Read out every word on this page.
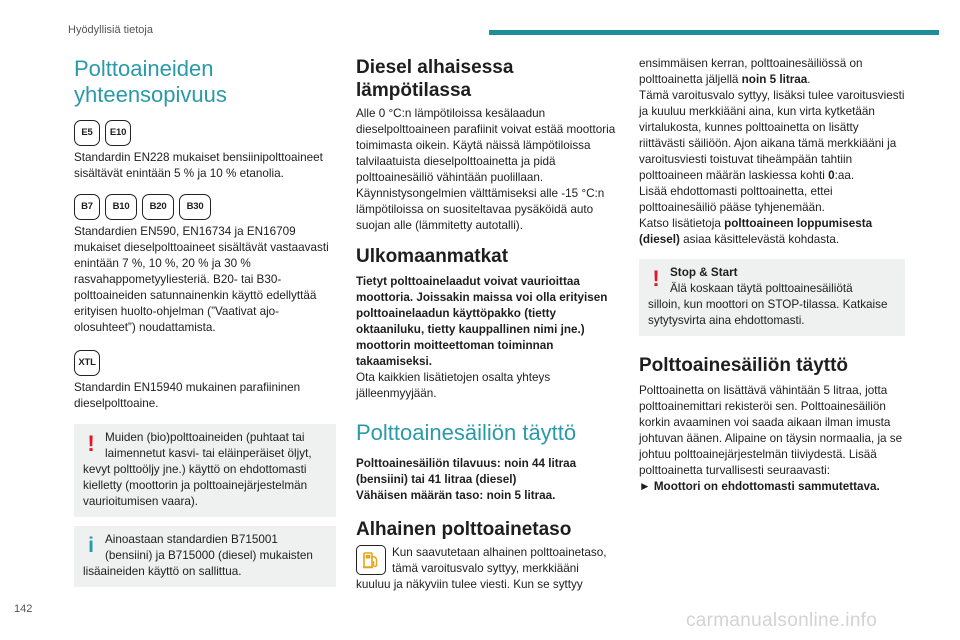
Hyödyllisiä tietoja
Polttoaineiden
yhteensopivuus
E5	E10

Standardin EN228 mukaiset bensiinipolttoaineet sisältävät enintään 5 % ja 10 % etanolia.

B7	B10	B20	B30

Standardien EN590, EN16734 ja EN16709 mukaiset dieselpolttoaineet sisältävät vastaavasti enintään 7 %, 10 %, 20 % ja 30 % rasvahappometyyliesteriä. B20- tai B30-polttoaineiden satunnainenkin käyttö edellyttää erityisen huolto-ohjelman (”Vaativat ajo-olosuhteet”) noudattamista.

XTL

Standardin EN15940 mukainen parafiininen dieselpolttoaine.

! Muiden (bio)polttoaineiden (puhtaat tai
laimennetut kasvi- tai eläinperäiset öljyt,
kevyt polttoöljy jne.) käyttö on ehdottomasti kielletty (moottorin ja polttoainejärjestelmän vaurioitumisen vaara).
i Ainoastaan standardien B715001
(bensiini) ja B715000 (diesel) mukaisten
lisäaineiden käyttö on sallittua.
Diesel alhaisessa
lämpötilassa

Alle 0 °C:n lämpötiloissa kesälaadun dieselpolttoaineen parafiinit voivat estää moottoria toimimasta oikein. Käytä näissä lämpötiloissa talvilaatuista dieselpolttoainetta ja pidä polttoainesäiliö vähintään puolillaan. Käynnistysongelmien välttämiseksi alle -15 °C:n lämpötiloissa on suositeltavaa pysäköidä auto suojan alle (lämmitetty autotalli).

Ulkomaanmatkat

Tietyt polttoainelaadut voivat vaurioittaa moottoria. Joissakin maissa voi olla erityisen polttoainelaadun käyttöpakko (tietty oktaaniluku, tietty kauppallinen nimi jne.) moottorin moitteettoman toiminnan takaamiseksi.

Ota kaikkien lisätietojen osalta yhteys jälleenmyyjään.

Polttoainesäiliön täyttö

Polttoainesäiliön tilavuus: noin 44 litraa
(bensiini) tai 41 litraa (diesel)
Vähäisen määrän taso: noin 5 litraa.

Alhainen polttoainetaso
Kun saavutetaan alhainen polttoainetaso,
tämä varoitusvalo syttyy, merkkiääni
kuuluu ja näkyviin tulee viesti. Kun se syttyy

ensimmäisen kerran, polttoainesäiliössä on polttoainetta jäljellä noin 5 litraa.

Tämä varoitusvalo syttyy, lisäksi tulee varoitusviesti ja kuuluu merkkiääni aina, kun virta kytketään virtalukosta, kunnes polttoainetta on lisätty riittävästi säiliöön. Ajon aikana tämä merkkiääni ja varoitusviesti toistuvat tiheämpään tahtiin polttoaineen määrän laskiessa kohti 0:aa.

Lisää ehdottomasti polttoainetta, ettei polttoainesäiliö pääse tyhjenemään.

Katso lisätietoja polttoaineen loppumisesta (diesel) asiaa käsittelevästä kohdasta.

! Stop & Start
Älä koskaan täytä polttoainesäiliötä
silloin, kun moottori on STOP-tilassa. Katkaise sytytysvirta aina ehdottomasti.
Polttoainesäiliön täyttö

Polttoainetta on lisättävä vähintään 5 litraa, jotta polttoainemittari rekisteröi sen. Polttoainesäiliön korkin avaaminen voi saada aikaan ilman imusta johtuvan äänen. Alipaine on täysin normaalia, ja se johtuu polttoainejärjestelmän tiiviydestä. Lisää polttoainetta turvallisesti seuraavasti:

► Moottori on ehdottomasti sammutettava.

142
carmanualsonline.info
